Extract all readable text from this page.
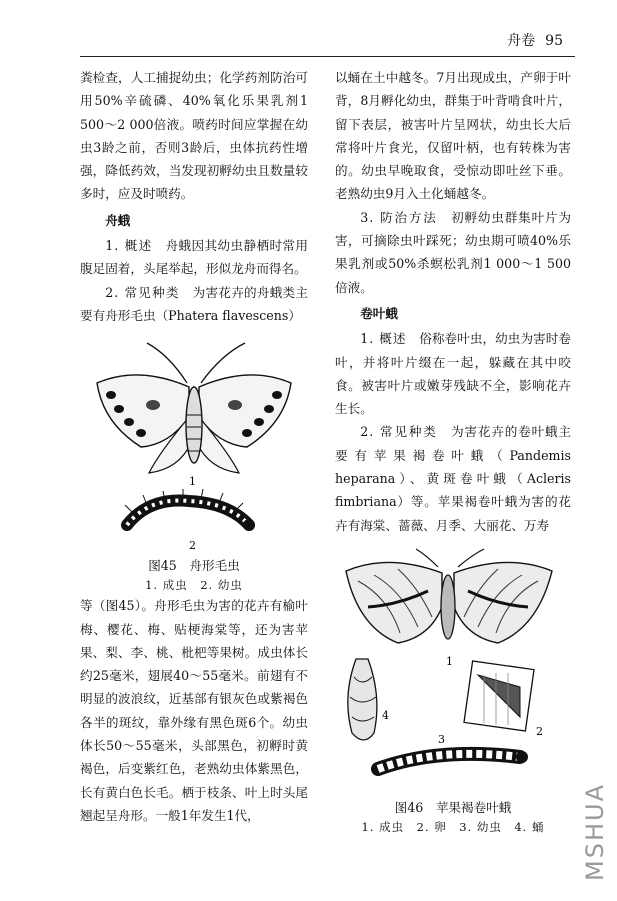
舟卷 95

粪检查，人工捕捉幼虫；化学药剂防治可用50%辛硫磷、40%氧化乐果乳剂1 500～2 000倍液。喷药时间应掌握在幼虫3龄之前，否则3龄后，虫体抗药性增强，降低药效，当发现初孵幼虫且数量较多时，应及时喷药。

舟蛾

1. 概述　 舟蛾因其幼虫静栖时常用腹足固着，头尾举起，形似龙舟而得名。

2. 常见种类　 为害花卉的舟蛾类主要有舟形毛虫（Phatera flavescens）

1
2
图45　舟形毛虫
1. 成虫　2. 幼虫

等（图45）。舟形毛虫为害的花卉有榆叶梅、樱花、梅、贴梗海棠等，还为害苹果、梨、李、桃、枇杷等果树。成虫体长约25毫米，翅展40～55毫米。前翅有不明显的波浪纹，近基部有银灰色或紫褐色各半的斑纹，靠外缘有黑色斑6个。幼虫体长50～55毫米，头部黑色，初孵时黄褐色，后变紫红色，老熟幼虫体紫黑色，长有黄白色长毛。栖于枝条、叶上时头尾翘起呈舟形。一般1年发生1代，

以蛹在土中越冬。7月出现成虫，产卵于叶背，8月孵化幼虫，群集于叶背啃食叶片，留下表层，被害叶片呈网状，幼虫长大后常将叶片食光，仅留叶柄，也有转株为害的。幼虫早晚取食，受惊动即吐丝下垂。老熟幼虫9月入土化蛹越冬。

3. 防治方法　 初孵幼虫群集叶片为害，可摘除虫叶踩死；幼虫期可喷40%乐果乳剂或50%杀螟松乳剂1 000～1 500倍液。

卷叶蛾

1. 概述　 俗称卷叶虫，幼虫为害时卷叶，并将叶片缀在一起，躲藏在其中咬食。被害叶片或嫩芽残缺不全，影响花卉生长。

2. 常见种类　 为害花卉的卷叶蛾主要有苹果褐卷叶蛾（Pandemis heparana）、黄斑卷叶蛾（Acleris fimbriana）等。苹果褐卷叶蛾为害的花卉有海棠、蔷薇、月季、大丽花、万寿

1
4
2
3
图46　苹果褐卷叶蛾
1. 成虫　2. 卵　3. 幼虫　4. 蛹	MSHUA
